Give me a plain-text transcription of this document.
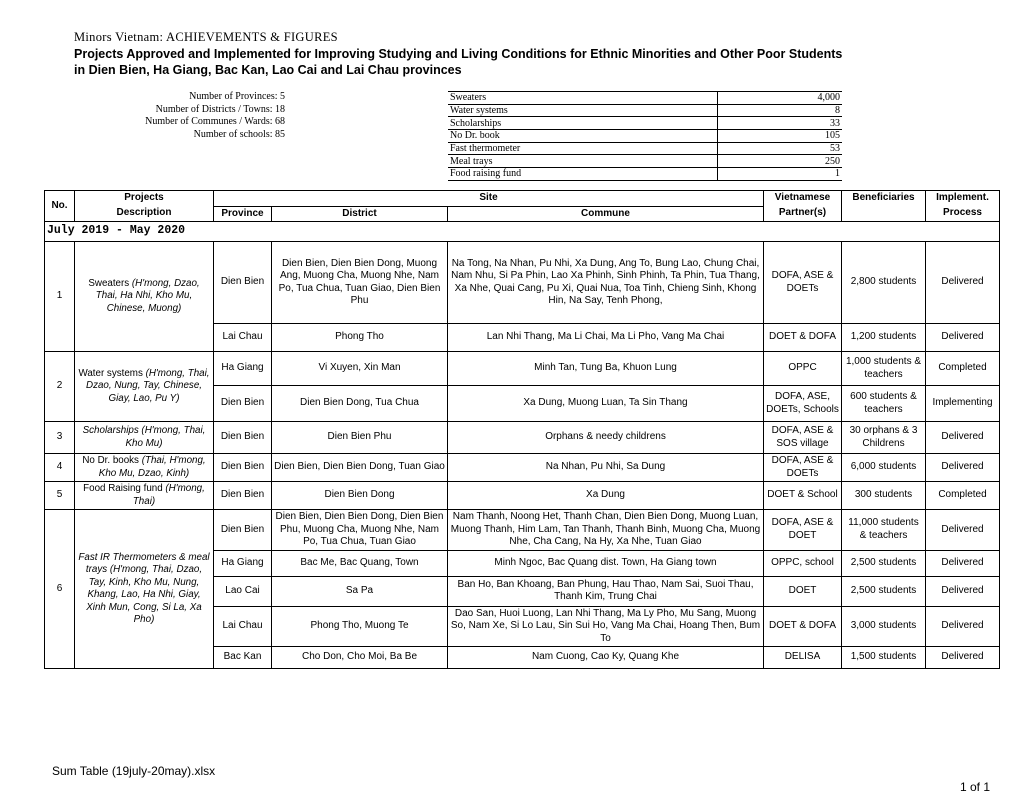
Minors Vietnam: ACHIEVEMENTS & FIGURES
Projects Approved and Implemented for Improving Studying and Living Conditions for Ethnic Minorities and Other Poor Students
in Dien Bien, Ha Giang, Bac Kan, Lao Cai and Lai Chau provinces
Number of Provinces: 5
Number of Districts / Towns: 18
Number of Communes / Wards: 68
Number of schools: 85
Sweaters	4,000
Water systems	8
Scholarships	33
No Dr. book	105
Fast thermometer	53
Meal trays	250
Food raising fund	1
No.	Projects	Site			Vietnamese	Beneficiaries	Implement.
	Description	Province	District	Commune	Partner(s)		Process
July 2019 - May 2020							
1	Sweaters (H'mong, Dzao, Thai, Ha Nhi, Kho Mu, Chinese, Muong)	Dien Bien	Dien Bien, Dien Bien Dong, Muong Ang, Muong Cha, Muong Nhe, Nam Po, Tua Chua, Tuan Giao, Dien Bien Phu	Na Tong, Na Nhan, Pu Nhi, Xa Dung, Ang To, Bung Lao, Chung Chai, Nam Nhu, Si Pa Phin, Lao Xa Phinh, Sinh Phinh, Ta Phin, Tua Thang, Xa Nhe, Quai Cang, Pu Xi, Quai Nua, Toa Tinh, Chieng Sinh, Khong Hin, Na Say, Tenh Phong,	DOFA, ASE & DOETs	2,800 students	Delivered
		Lai Chau	Phong Tho	Lan Nhi Thang, Ma Li Chai, Ma Li Pho, Vang Ma Chai	DOET & DOFA	1,200 students	Delivered
2	Water systems (H'mong, Thai, Dzao, Nung, Tay, Chinese, Giay, Lao, Pu Y)	Ha Giang	Vi Xuyen, Xin Man	Minh Tan, Tung Ba, Khuon Lung	OPPC	1,000 students & teachers	Completed
		Dien Bien	Dien Bien Dong, Tua Chua	Xa Dung, Muong Luan, Ta Sin Thang	DOFA, ASE, DOETs, Schools	600 students & teachers	Implementing
3	Scholarships (H'mong, Thai, Kho Mu)	Dien Bien	Dien Bien Phu	Orphans & needy childrens	DOFA, ASE & SOS village	30 orphans & 3 Childrens	Delivered
4	No Dr. books (Thai, H'mong, Kho Mu, Dzao, Kinh)	Dien Bien	Dien Bien, Dien Bien Dong, Tuan Giao	Na Nhan, Pu Nhi, Sa Dung	DOFA, ASE & DOETs	6,000 students	Delivered
5	Food Raising fund (H'mong, Thai)	Dien Bien	Dien Bien Dong	Xa Dung	DOET & School	300 students	Completed
6	Fast IR Thermometers & meal trays (H'mong, Thai, Dzao, Tay, Kinh, Kho Mu, Nung, Khang, Lao, Ha Nhi, Giay, Xinh Mun, Cong, Si La, Xa Pho)	Dien Bien	Dien Bien, Dien Bien Dong, Dien Bien Phu, Muong Cha, Muong Nhe, Nam Po, Tua Chua, Tuan Giao	Nam Thanh, Noong Het, Thanh Chan, Dien Bien Dong, Muong Luan, Muong Thanh, Him Lam, Tan Thanh, Thanh Binh, Muong Cha, Muong Nhe, Cha Cang, Na Hy, Xa Nhe, Tuan Giao	DOFA, ASE & DOET	11,000 students & teachers	Delivered
		Ha Giang	Bac Me, Bac Quang, Town	Minh Ngoc, Bac Quang dist. Town, Ha Giang town	OPPC, school	2,500 students	Delivered
		Lao Cai	Sa Pa	Ban Ho, Ban Khoang, Ban Phung, Hau Thao, Nam Sai, Suoi Thau, Thanh Kim, Trung Chai	DOET	2,500 students	Delivered
		Lai Chau	Phong Tho, Muong Te	Dao San, Huoi Luong, Lan Nhi Thang, Ma Ly Pho, Mu Sang, Muong So, Nam Xe, Si Lo Lau, Sin Sui Ho, Vang Ma Chai, Hoang Then, Bum To	DOET & DOFA	3,000 students	Delivered
		Bac Kan	Cho Don, Cho Moi, Ba Be	Nam Cuong, Cao Ky, Quang Khe	DELISA	1,500 students	Delivered
Sum Table (19july-20may).xlsx
1 of 1
